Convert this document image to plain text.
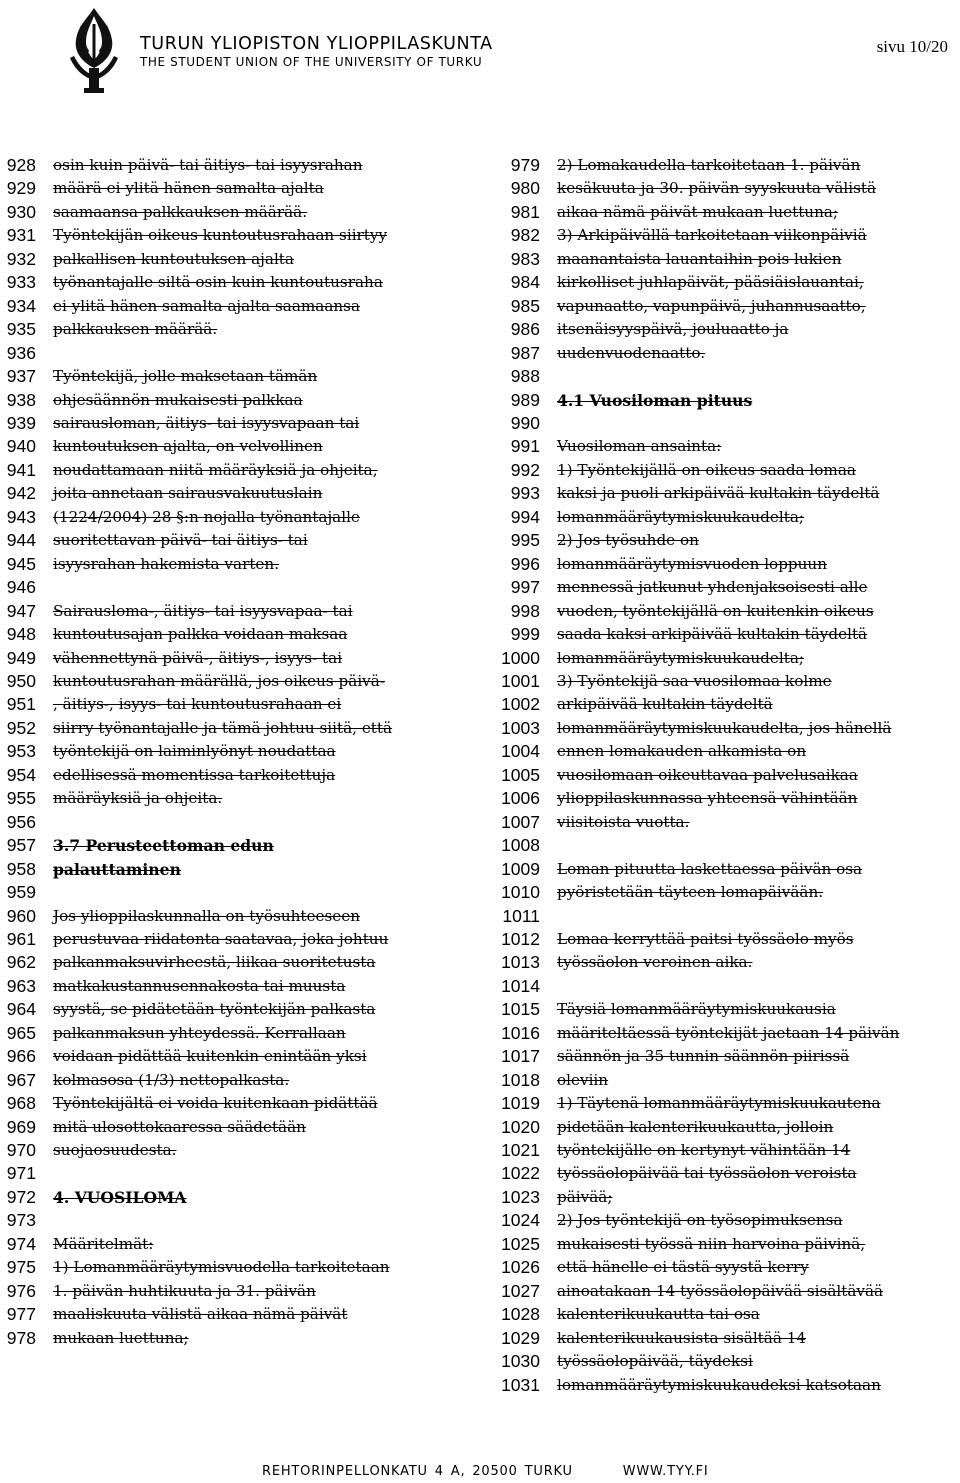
TURUN YLIOPISTON YLIOPPILASKUNTA
THE STUDENT UNION OF THE UNIVERSITY OF TURKU
sivu 10/20
928 osin kuin päivä- tai äitiys- tai isyysrahan
929 määrä ei ylitä hänen samalta ajalta
930 saamaansa palkkauksen määrää.
931 Työntekijän oikeus kuntoutusrahaan siirtyy
932 palkallisen kuntoutuksen ajalta
933 työnantajalle siltä osin kuin kuntoutusraha
934 ei ylitä hänen samalta ajalta saamaansa
935 palkkauksen määrää.
936
937 Työntekijä, jolle maksetaan tämän
938 ohjesäännön mukaisesti palkkaa
939 sairausloman, äitiys- tai isyysvapaan tai
940 kuntoutuksen ajalta, on velvollinen
941 noudattamaan niitä määräyksiä ja ohjeita,
942 joita annetaan sairausvakuutuslain
943 (1224/2004) 28 §:n nojalla työnantajalle
944 suoritettavan päivä- tai äitiys- tai
945 isyysrahan hakemista varten.
946
947 Sairausloma-, äitiys- tai isyysvapaa- tai
948 kuntoutusajan palkka voidaan maksaa
949 vähennettynä päivä-, äitiys-, isyys- tai
950 kuntoutusrahan määrällä, jos oikeus päivä-
951 , äitiys-, isyys- tai kuntoutusrahaan ei
952 siirry työnantajalle ja tämä johtuu siitä, että
953 työntekijä on laiminlyönyt noudattaa
954 edellisessä momentissa tarkoitettuja
955 määräyksiä ja ohjeita.
956
957 3.7 Perusteettoman edun
958 palauttaminen
959
960 Jos ylioppilaskunnalla on työsuhteeseen
961 perustuvaa riidatonta saatavaa, joka johtuu
962 palkanmaksuvirheestä, liikaa suoritetusta
963 matkakustannusennakosta tai muusta
964 syystä, se pidätetään työntekijän palkasta
965 palkanmaksun yhteydessä. Kerrallaan
966 voidaan pidättää kuitenkin enintään yksi
967 kolmasosa (1/3) nettopalkasta.
968 Työntekijältä ei voida kuitenkaan pidättää
969 mitä ulosottokaaressa säädetään
970 suojaosuudesta.
971
972 4. VUOSILOMA
973
974 Määritelmät:
975 1) Lomanmääräytymisvuodella tarkoitetaan
976 1. päivän huhtikuuta ja 31. päivän
977 maaliskuuta välistä aikaa nämä päivät
978 mukaan luettuna;
979 2) Lomakaudella tarkoitetaan 1. päivän
980 kesäkuuta ja 30. päivän syyskuuta välistä
981 aikaa nämä päivät mukaan luettuna;
982 3) Arkipäivällä tarkoitetaan viikonpäiviä
983 maanantaista lauantaihin pois lukien
984 kirkolliset juhlapäivät, pääsiäislauantai,
985 vapunaatto, vapunpäivä, juhannusaatto,
986 itsenäisyyspäivä, jouluaatto ja
987 uudenvuodenaatto.
988
989 4.1 Vuosiloman pituus
990
991 Vuosiloman ansainta:
992 1) Työntekijällä on oikeus saada lomaa
993 kaksi ja puoli arkipäivää kultakin täydeltä
994 lomanmääräytymiskuukaudelta;
995 2) Jos työsuhde on
996 lomanmääräytymisvuoden loppuun
997 mennessä jatkunut yhdenjaksoisesti alle
998 vuoden, työntekijällä on kuitenkin oikeus
999 saada kaksi arkipäivää kultakin täydeltä
1000 lomanmääräytymiskuukaudelta;
1001 3) Työntekijä saa vuosilomaa kolme
1002 arkipäivää kultakin täydeltä
1003 lomanmääräytymiskuukaudelta, jos hänellä
1004 ennen lomakauden alkamista on
1005 vuosilomaan oikeuttavaa palvelusaikaa
1006 ylioppilaskunnassa yhteensä vähintään
1007 viisitoista vuotta.
1008
1009 Loman pituutta laskettaessa päivän osa
1010 pyöristetään täyteen lomapäivään.
1011
1012 Lomaa kerryttää paitsi työssäolo myös
1013 työssäolon veroinen aika.
1014
1015 Täysiä lomanmääräytymiskuukausia
1016 määriteltäessä työntekijät jaetaan 14 päivän
1017 säännön ja 35 tunnin säännön piirissä
1018 oleviin
1019 1) Täytenä lomanmääräytymiskuukautena
1020 pidetään kalenterikuukautta, jolloin
1021 työntekijälle on kertynyt vähintään 14
1022 työssäolopäivää tai työssäolon veroista
1023 päivää;
1024 2) Jos työntekijä on työsopimuksensa
1025 mukaisesti työssä niin harvoina päivinä,
1026 että hänelle ei tästä syystä kerry
1027 ainoatakaan 14 työssäolopäivää sisältävää
1028 kalenterikuukautta tai osa
1029 kalenterikuukausista sisältää 14
1030 työssäolopäivää, täydeksi
1031 lomanmääräytymiskuukaudeksi katsotaan
REHTORINPELLONKATU 4 A, 20500 TURKU	WWW.TYY.FI
